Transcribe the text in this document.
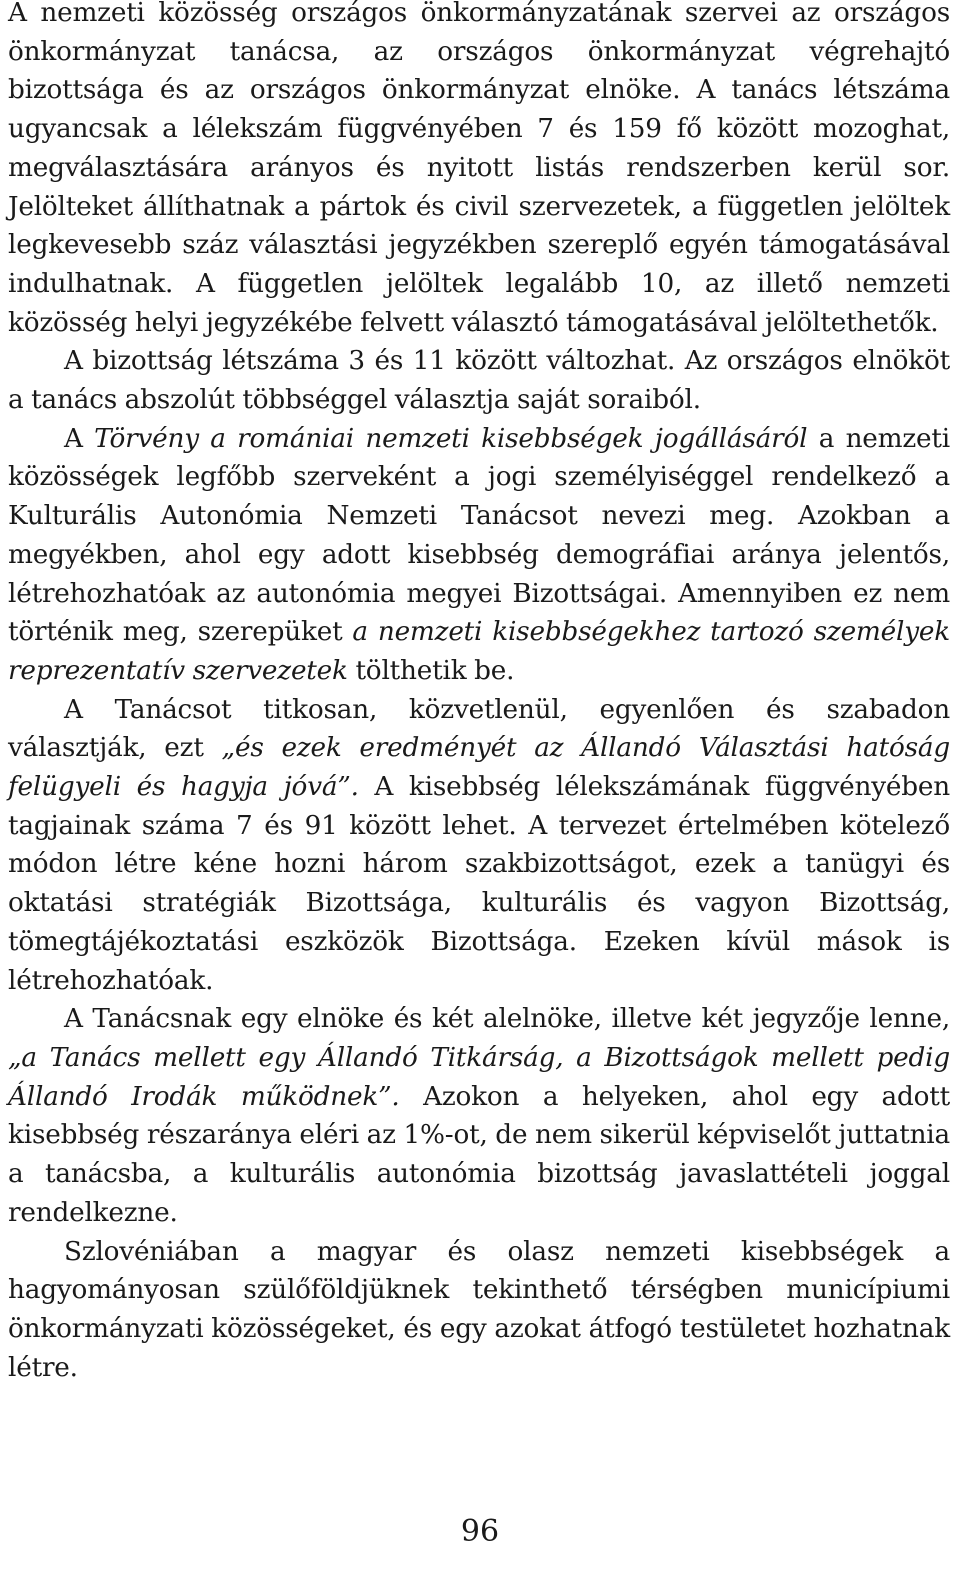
A nemzeti közösség országos önkormányzatának szervei az országos önkormányzat tanácsa, az országos önkormányzat végrehajtó bizottsága és az országos önkormányzat elnöke. A tanács létszáma ugyancsak a lélekszám függvényében 7 és 159 fő között mozoghat, megválasztására arányos és nyitott listás rendszerben kerül sor. Jelölteket állíthatnak a pártok és civil szervezetek, a független jelöltek legkevesebb száz választási jegyzékben szereplő egyén támogatásával indulhatnak. A független jelöltek legalább 10, az illető nemzeti közösség helyi jegyzékébe felvett választó támogatásával jelöltethetők.

A bizottság létszáma 3 és 11 között változhat. Az országos elnököt a tanács abszolút többséggel választja saját soraiból.

A Törvény a romániai nemzeti kisebbségek jogállásáról a nemzeti közösségek legfőbb szerveként a jogi személyiséggel rendelkező a Kulturális Autonómia Nemzeti Tanácsot nevezi meg. Azokban a megyékben, ahol egy adott kisebbség demográfiai aránya jelentős, létrehozhatóak az autonómia megyei Bizottságai. Amennyiben ez nem történik meg, szerepüket a nemzeti kisebbségekhez tartozó személyek reprezentatív szervezetek tölthetik be.

A Tanácsot titkosan, közvetlenül, egyenlően és szabadon választják, ezt „és ezek eredményét az Állandó Választási hatóság felügyeli és hagyja jóvá”. A kisebbség lélekszámának függvényében tagjainak száma 7 és 91 között lehet. A tervezet értelmében kötelező módon létre kéne hozni három szakbizottságot, ezek a tanügyi és oktatási stratégiák Bizottsága, kulturális és vagyon Bizottság, tömegtájékoztatási eszközök Bizottsága. Ezeken kívül mások is létrehozhatóak.

A Tanácsnak egy elnöke és két alelnöke, illetve két jegyzője lenne, „a Tanács mellett egy Állandó Titkárság, a Bizottságok mellett pedig Állandó Irodák működnek”. Azokon a helyeken, ahol egy adott kisebbség részaránya eléri az 1%-ot, de nem sikerül képviselőt juttatnia a tanácsba, a kulturális autonómia bizottság javaslattételi joggal rendelkezne.

Szlovéniában a magyar és olasz nemzeti kisebbségek a hagyományosan szülőföldjüknek tekinthető térségben municípiumi önkormányzati közösségeket, és egy azokat átfogó testületet hozhatnak létre.

96
